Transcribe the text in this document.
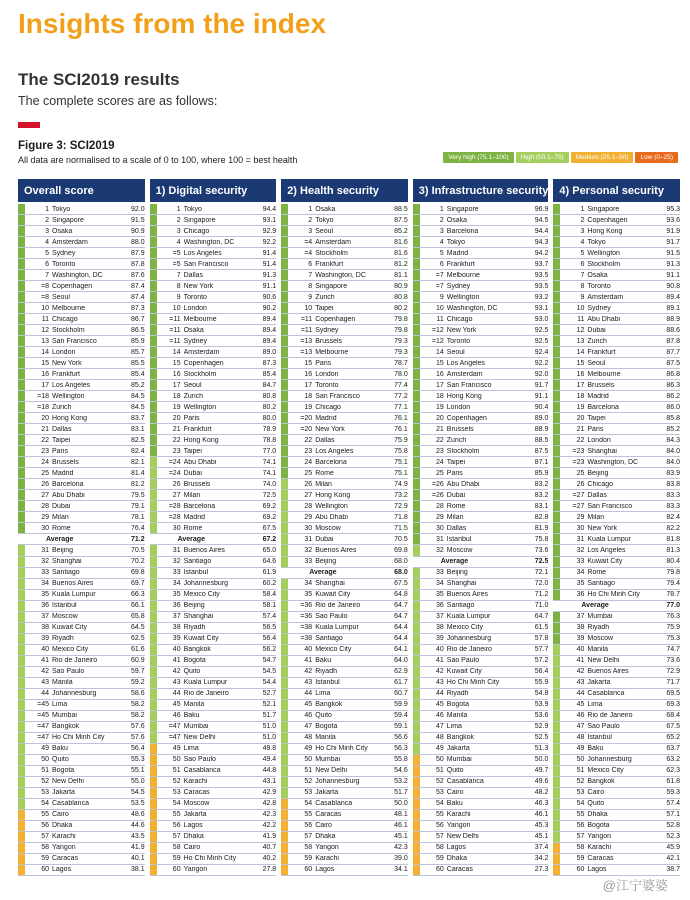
Insights from the index
The SCI2019 results
The complete scores are as follows:
Figure 3: SCI2019
All data are normalised to a scale of 0 to 100, where 100 = best health	Very high (75.1–100)	High (50.1–75)	Medium (25.1–50)	Low (0–25)
Overall score
1 Tokyo	92.0
2 Singapore	91.5
3 Osaka	90.9
4 Amsterdam	88.0
5 Sydney	87.9
6 Toronto	87.8
7 Washington, DC	87.6
=8 Copenhagen	87.4
=8 Seoul	87.4
10 Melbourne	87.3
11 Chicago	86.7
12 Stockholm	86.5
13 San Francisco	85.9
14 London	85.7
15 New York	85.5
16 Frankfurt	85.4
17 Los Angeles	85.2
=18 Wellington	84.5
=18 Zurich	84.5
20 Hong Kong	83.7
21 Dallas	83.1
22 Taipei	82.5
23 Paris	82.4
24 Brussels	82.1
25 Madrid	81.4
26 Barcelona	81.2
27 Abu Dhabi	79.5
28 Dubai	79.1
29 Milan	78.1
30 Rome	76.4
Average	71.2
31 Beijing	70.5
32 Shanghai	70.2
33 Santiago	69.8
34 Buenos Aires	69.7
35 Kuala Lumpur	66.3
36 Istanbul	66.1
37 Moscow	65.8
38 Kuwait City	64.5
39 Riyadh	62.5
40 Mexico City	61.6
41 Rio de Janeiro	60.9
42 Sao Paulo	59.7
43 Manila	59.2
44 Johannesburg	58.6
=45 Lima	58.2
=45 Mumbai	58.2
=47 Bangkok	57.6
=47 Ho Chi Minh City	57.6
49 Baku	56.4
50 Quito	55.3
51 Bogota	55.1
52 New Delhi	55.0
53 Jakarta	54.5
54 Casablanca	53.5
55 Cairo	48.6
56 Dhaka	44.6
57 Karachi	43.5
58 Yangon	41.9
59 Caracas	40.1
60 Lagos	38.1
1) Digital security
1 Tokyo	94.4
2 Singapore	93.1
3 Chicago	92.9
4 Washington, DC	92.2
=5 Los Angeles	91.4
=5 San Francisco	91.4
7 Dallas	91.3
8 New York	91.1
9 Toronto	90.6
10 London	90.2
=11 Melbourne	89.4
=11 Osaka	89.4
=11 Sydney	89.4
14 Amsterdam	89.0
15 Copenhagen	87.3
16 Stockholm	85.4
17 Seoul	84.7
18 Zurich	80.8
19 Wellington	80.2
20 Paris	80.0
21 Frankfurt	78.9
22 Hong Kong	78.8
23 Taipei	77.0
=24 Abu Dhabi	74.1
=24 Dubai	74.1
26 Brussels	74.0
27 Milan	72.5
=28 Barcelona	69.2
=28 Madrid	69.2
30 Rome	67.5
Average	67.2
31 Buenos Aires	65.0
32 Santiago	64.6
33 Istanbul	61.9
34 Johannesburg	60.2
35 Mexico City	58.4
36 Beijing	58.1
37 Shanghai	57.4
38 Riyadh	56.5
39 Kuwait City	56.4
40 Bangkok	56.2
41 Bogota	54.7
42 Quito	54.5
43 Kuala Lumpur	54.4
44 Rio de Janeiro	52.7
45 Manila	52.1
46 Baku	51.7
=47 Mumbai	51.0
=47 New Delhi	51.0
49 Lima	49.8
50 Sao Paulo	49.4
51 Casablanca	44.8
52 Karachi	43.1
53 Caracas	42.9
54 Moscow	42.8
55 Jakarta	42.3
56 Lagos	42.2
57 Dhaka	41.9
58 Cairo	40.7
59 Ho Chi Minh City	40.2
60 Yangon	27.8
2) Health security
1 Osaka	88.5
2 Tokyo	87.5
3 Seoul	85.2
=4 Amsterdam	81.6
=4 Stockholm	81.6
6 Frankfurt	81.2
7 Washington, DC	81.1
8 Singapore	80.9
9 Zurich	80.8
10 Taipei	80.2
=11 Copenhagen	79.8
=11 Sydney	79.8
=13 Brussels	79.3
=13 Melbourne	79.3
15 Paris	78.7
16 London	78.0
17 Toronto	77.4
18 San Francisco	77.2
19 Chicago	77.1
=20 Madrid	76.1
=20 New York	76.1
22 Dallas	75.9
23 Los Angeles	75.8
24 Barcelona	75.1
25 Rome	75.1
26 Milan	74.9
27 Hong Kong	73.2
28 Wellington	72.9
29 Abu Dhabi	71.8
30 Moscow	71.5
31 Dubai	70.5
32 Buenos Aires	69.8
33 Beijing	68.0
Average	68.0
34 Shanghai	67.5
35 Kuwait City	64.8
=36 Rio de Janeiro	64.7
=36 Sao Paulo	64.7
=38 Kuala Lumpur	64.4
=38 Santiago	64.4
40 Mexico City	64.1
41 Baku	64.0
42 Riyadh	62.9
43 Istanbul	61.7
44 Lima	60.7
45 Bangkok	59.9
46 Quito	59.4
47 Bogota	59.1
48 Manila	56.6
49 Ho Chi Minh City	56.3
50 Mumbai	55.8
51 New Delhi	54.6
52 Johannesburg	53.2
53 Jakarta	51.7
54 Casablanca	50.0
55 Caracas	48.1
56 Cairo	46.1
57 Dhaka	45.1
58 Yangon	42.3
59 Karachi	39.0
60 Lagos	34.1
3) Infrastructure security
1 Singapore	96.9
2 Osaka	94.5
3 Barcelona	94.4
4 Tokyo	94.3
5 Madrid	94.2
6 Frankfurt	93.7
=7 Melbourne	93.5
=7 Sydney	93.5
9 Wellington	93.2
10 Washington, DC	93.1
11 Chicago	93.0
=12 New York	92.5
=12 Toronto	92.5
14 Seoul	92.4
15 Los Angeles	92.2
16 Amsterdam	92.0
17 San Francisco	91.7
18 Hong Kong	91.1
19 London	90.4
20 Copenhagen	89.0
21 Brussels	88.9
22 Zurich	88.5
23 Stockholm	87.5
24 Taipei	87.1
25 Paris	85.9
=26 Abu Dhabi	83.2
=26 Dubai	83.2
28 Rome	83.1
29 Milan	82.8
30 Dallas	81.9
31 Istanbul	75.8
32 Moscow	73.6
Average	72.5
33 Beijing	72.1
34 Shanghai	72.0
35 Buenos Aires	71.2
36 Santiago	71.0
37 Kuala Lumpur	64.7
38 Mexico City	61.5
39 Johannesburg	57.8
40 Rio de Janeiro	57.7
41 Sao Paulo	57.2
42 Kuwait City	56.4
43 Ho Chi Minh City	55.9
44 Riyadh	54.8
45 Bogota	53.9
46 Manila	53.6
47 Lima	52.9
48 Bangkok	52.5
49 Jakarta	51.3
50 Mumbai	50.0
51 Quito	49.7
52 Casablanca	49.6
53 Cairo	48.2
54 Baku	46.3
55 Karachi	46.1
56 Yangon	45.3
57 New Delhi	45.1
58 Lagos	37.4
59 Dhaka	34.2
60 Caracas	27.3
4) Personal security
1 Singapore	95.3
2 Copenhagen	93.6
3 Hong Kong	91.9
4 Tokyo	91.7
5 Wellington	91.5
6 Stockholm	91.3
7 Osaka	91.1
8 Toronto	90.8
9 Amsterdam	89.4
10 Sydney	89.1
11 Abu Dhabi	88.9
12 Dubai	88.6
13 Zurich	87.8
14 Frankfurt	87.7
15 Seoul	87.5
16 Melbourne	86.8
17 Brussels	86.3
18 Madrid	86.2
19 Barcelona	86.0
20 Taipei	85.8
21 Paris	85.2
22 London	84.3
=23 Shanghai	84.0
=23 Washington, DC	84.0
25 Beijing	83.9
26 Chicago	83.8
=27 Dallas	83.3
=27 San Francisco	83.3
29 Milan	82.4
30 New York	82.2
31 Kuala Lumpur	81.8
32 Los Angeles	81.3
33 Kuwait City	80.4
34 Rome	79.8
35 Santiago	79.4
36 Ho Chi Minh City	78.7
Average	77.0
37 Mumbai	76.3
38 Riyadh	75.9
39 Moscow	75.3
40 Manila	74.7
41 New Delhi	73.6
42 Buenos Aires	72.9
43 Jakarta	71.7
44 Casablanca	69.5
45 Lima	69.3
46 Rio de Janeiro	68.4
47 Sao Paulo	67.5
48 Istanbul	65.2
49 Baku	63.7
50 Johannesburg	63.2
51 Mexico City	62.3
52 Bangkok	61.8
53 Cairo	59.3
54 Quito	57.4
55 Dhaka	57.1
56 Bogota	52.8
57 Yangon	52.3
58 Karachi	45.9
59 Caracas	42.1
60 Lagos	38.7
@江宁婆婆
